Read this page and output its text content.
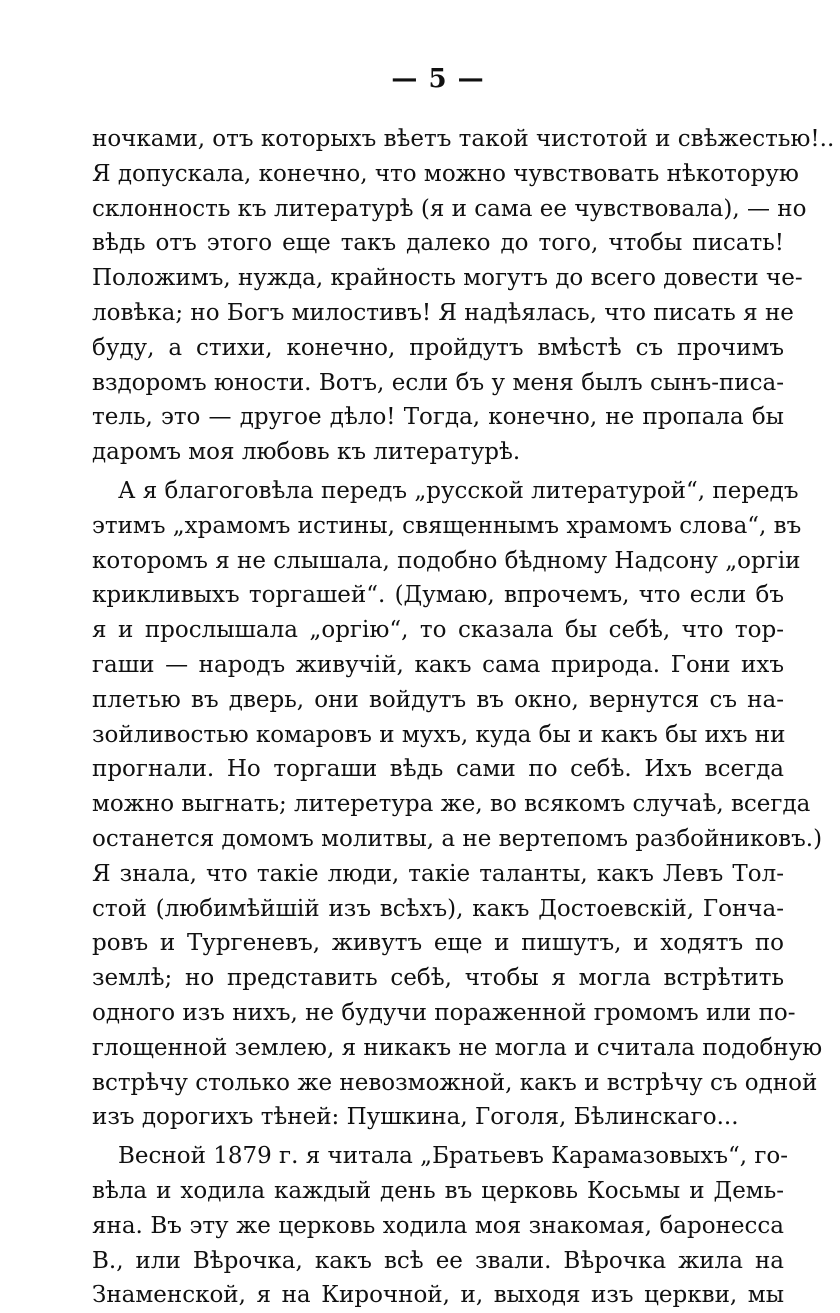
— 5 —
ночками, отъ которыхъ вѣетъ такой чистотой и свѣжестью!..
Я допускала, конечно, что можно чувствовать нѣкоторую
склонность къ литературѣ (я и сама ее чувствовала), — но
вѣдь отъ этого еще такъ далеко до того, чтобы писать!
Положимъ, нужда, крайность могутъ до всего довести че-
ловѣка; но Богъ милостивъ! Я надѣялась, что писать я не
буду, а стихи, конечно, пройдутъ вмѣстѣ съ прочимъ
вздоромъ юности. Вотъ, если бъ у меня былъ сынъ-писа-
тель, это — другое дѣло! Тогда, конечно, не пропала бы
даромъ моя любовь къ литературѣ.
А я благоговѣла передъ „русской литературой“, передъ
этимъ „храмомъ истины, священнымъ храмомъ слова“, въ
которомъ я не слышала, подобно бѣдному Надсону „оргіи
крикливыхъ торгашей“. (Думаю, впрочемъ, что если бъ
я и прослышала „оргію“, то сказала бы себѣ, что тор-
гаши — народъ живучій, какъ сама природа. Гони ихъ
плетью въ дверь, они войдутъ въ окно, вернутся съ на-
зойливостью комаровъ и мухъ, куда бы и какъ бы ихъ ни
прогнали. Но торгаши вѣдь сами по себѣ. Ихъ всегда
можно выгнать; литеретура же, во всякомъ случаѣ, всегда
останется домомъ молитвы, а не вертепомъ разбойниковъ.)
Я знала, что такіе люди, такіе таланты, какъ Левъ Тол-
стой (любимѣйшій изъ всѣхъ), какъ Достоевскій, Гонча-
ровъ и Тургеневъ, живутъ еще и пишутъ, и ходятъ по
землѣ; но представить себѣ, чтобы я могла встрѣтить
одного изъ нихъ, не будучи пораженной громомъ или по-
глощенной землею, я никакъ не могла и считала подобную
встрѣчу столько же невозможной, какъ и встрѣчу съ одной
изъ дорогихъ тѣней: Пушкина, Гоголя, Бѣлинскаго...
Весной 1879 г. я читала „Братьевъ Карамазовыхъ“, го-
вѣла и ходила каждый день въ церковь Косьмы и Демь-
яна. Въ эту же церковь ходила моя знакомая, баронесса
В., или Вѣрочка, какъ всѣ ее звали. Вѣрочка жила на
Знаменской, я на Кирочной, и, выходя изъ церкви, мы
